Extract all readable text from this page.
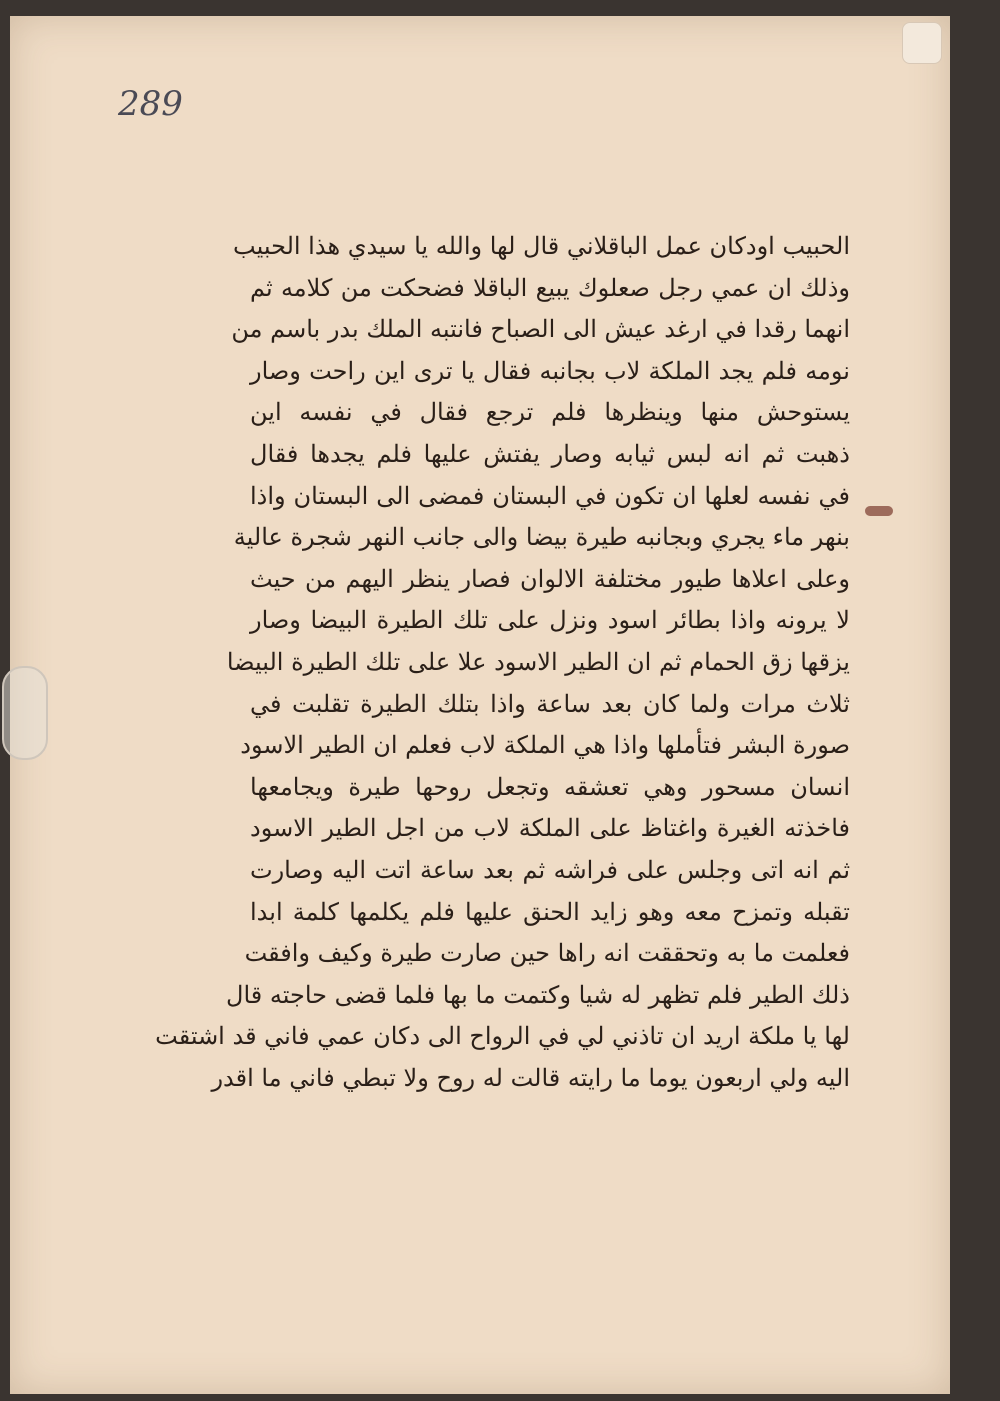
289
الحبيب اودكان عمل الباقلاني قال لها والله يا سيدي هذا الحبيب
وذلك ان عمي رجل صعلوك يبيع الباقلا فضحكت من كلامه ثم
انهما رقدا في ارغد عيش الى الصباح فانتبه الملك بدر باسم من
نومه فلم يجد الملكة لاب بجانبه فقال يا ترى اين راحت وصار
يستوحش منها وينظرها فلم ترجع فقال في نفسه اين
ذهبت ثم انه لبس ثيابه وصار يفتش عليها فلم يجدها فقال
في نفسه لعلها ان تكون في البستان فمضى الى البستان واذا
بنهر ماء يجري وبجانبه طيرة بيضا والى جانب النهر شجرة عالية
وعلى اعلاها طيور مختلفة الالوان فصار ينظر اليهم من حيث
لا يرونه واذا بطائر اسود ونزل على تلك الطيرة البيضا وصار
يزقها زق الحمام ثم ان الطير الاسود علا على تلك الطيرة البيضا
ثلاث مرات ولما كان بعد ساعة واذا بتلك الطيرة تقلبت في
صورة البشر فتأملها واذا هي الملكة لاب فعلم ان الطير الاسود
انسان مسحور وهي تعشقه وتجعل روحها طيرة ويجامعها
فاخذته الغيرة واغتاظ على الملكة لاب من اجل الطير الاسود
ثم انه اتى وجلس على فراشه ثم بعد ساعة اتت اليه وصارت
تقبله وتمزح معه وهو زايد الحنق عليها فلم يكلمها كلمة ابدا
فعلمت ما به وتحققت انه راها حين صارت طيرة وكيف وافقت
ذلك الطير فلم تظهر له شيا وكتمت ما بها فلما قضى حاجته قال
لها يا ملكة اريد ان تاذني لي في الرواح الى دكان عمي فاني قد اشتقت
اليه ولي اربعون يوما ما رايته قالت له روح ولا تبطي فاني ما اقدر
